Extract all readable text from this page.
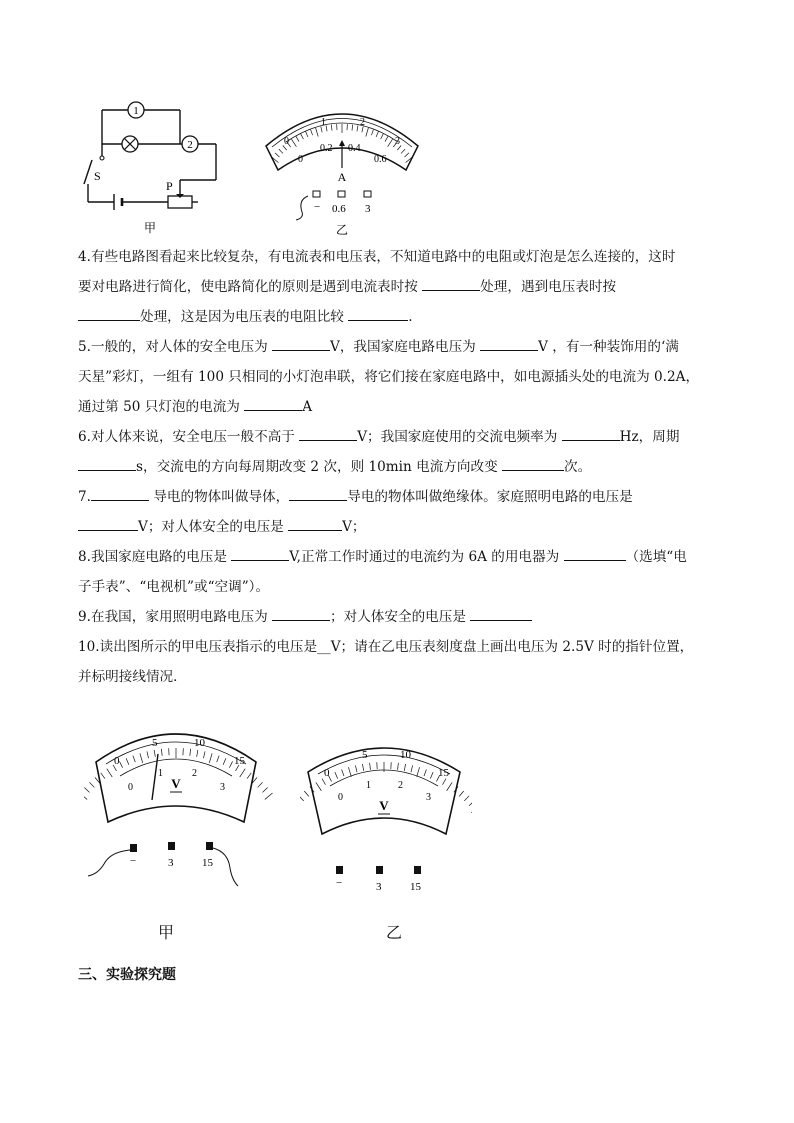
1
2
S
P
甲
0
1	2
3
0
0.2 0.4
0.6
A
− 0.6 3
乙

4.有些电路图看起来比较复杂，有电流表和电压表，不知道电路中的电阻或灯泡是怎么连接的，这时

要对电路进行简化，使电路简化的原则是遇到电流表时按	处理，遇到电压表时按

处理，这是因为电压表的电阻比较	.

5.一般的，对人体的安全电压为	V，我国家庭电路电压为	V ，有一种装饰用的‘满

天星”彩灯，一组有 100 只相同的小灯泡串联，将它们接在家庭电路中，如电源插头处的电流为 0.2A，

通过第 50 只灯泡的电流为	A

6.对人体来说，安全电压一般不高于	V；我国家庭使用的交流电频率为	Hz，周期

s，交流电的方向每周期改变 2 次，则 10min 电流方向改变	次。

7.	导电的物体叫做导体，	导电的物体叫做绝缘体。家庭照明电路的电压是

V；对人体安全的电压是	V；

8.我国家庭电路的电压是	V,正常工作时通过的电流约为 6A 的用电器为	（选填“电

子手表”、“电视机”或“空调”）。

9.在我国，家用照明电路电压为	；对人体安全的电压是

10.读出图所示的甲电压表指示的电压是__V；请在乙电压表刻度盘上画出电压为 2.5V 时的指针位置，

并标明接线情况．

0
5	10
15
0
1	2
3
V
−	3	15
甲
0
5	10
15
0
1	2
3
V
−	3	15
乙
三、实验探究题
